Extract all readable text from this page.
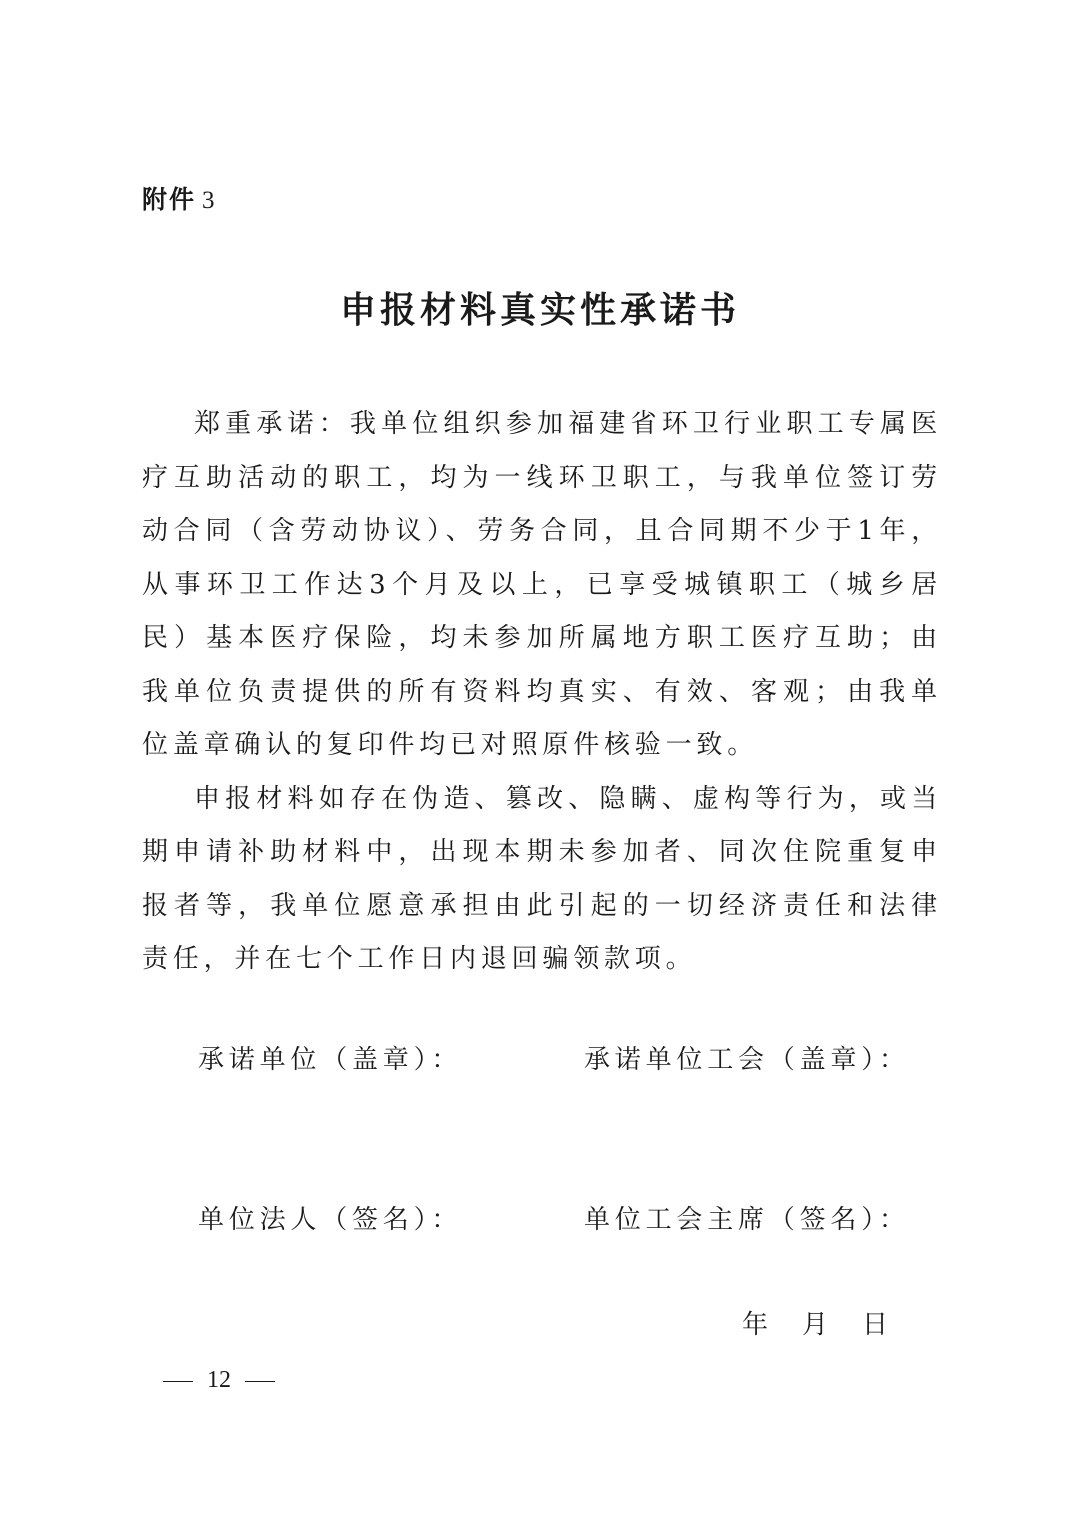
附件 3
申报材料真实性承诺书

郑重承诺：我单位组织参加福建省环卫行业职工专属医疗互助活动的职工，均为一线环卫职工，与我单位签订劳动合同（含劳动协议）、劳务合同，且合同期不少于1年，从事环卫工作达3个月及以上，已享受城镇职工（城乡居民）基本医疗保险，均未参加所属地方职工医疗互助；由我单位负责提供的所有资料均真实、有效、客观；由我单位盖章确认的复印件均已对照原件核验一致。

申报材料如存在伪造、篡改、隐瞒、虚构等行为，或当期申请补助材料中，出现本期未参加者、同次住院重复申报者等，我单位愿意承担由此引起的一切经济责任和法律责任，并在七个工作日内退回骗领款项。

承诺单位（盖章）：	承诺单位工会（盖章）：
单位法人（签名）：	单位工会主席（签名）：
年 月 日
12
